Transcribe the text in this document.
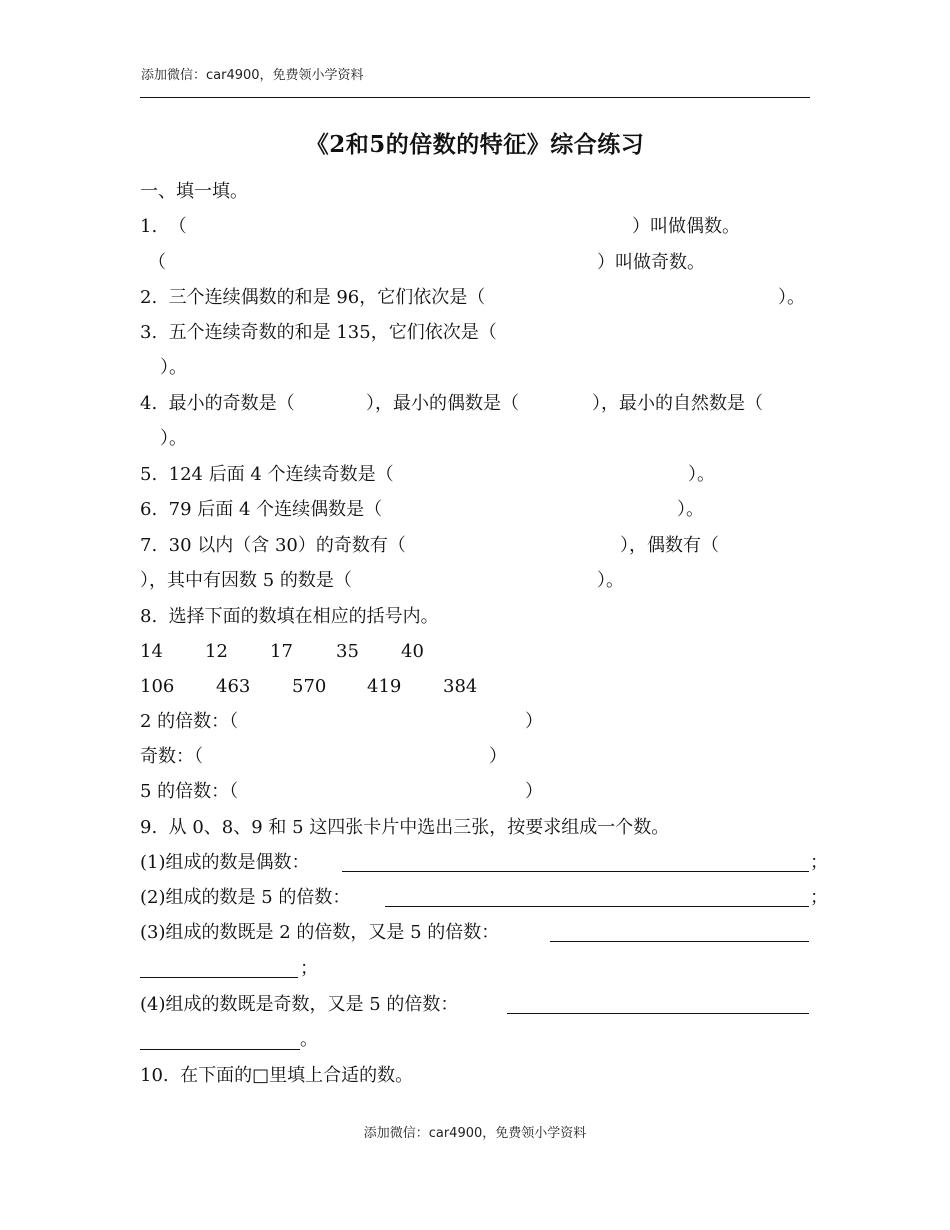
添加微信：car4900，免费领小学资料
《2和5的倍数的特征》综合练习
一、填一填。
1.  （	）叫做偶数。
（	）叫做奇数。
2.  三个连续偶数的和是 96，它们依次是（	）。
3.  五个连续奇数的和是 135，它们依次是（
）。
4.  最小的奇数是（	），最小的偶数是（	），最小的自然数是（
）。
5.  124 后面 4 个连续奇数是（	）。
6.  79 后面 4 个连续偶数是（	）。
7.  30 以内（含 30）的奇数有（	），偶数有（
），其中有因数 5 的数是（	）。
8.  选择下面的数填在相应的括号内。
14 12 17 35 40
106 463 570 419 384
2 的倍数：（	）
奇数：（	）
5 的倍数：（	）
9.  从 0、8、9 和 5 这四张卡片中选出三张，按要求组成一个数。
(1)组成的数是偶数：	；
(2)组成的数是 5 的倍数：	；
(3)组成的数既是 2 的倍数，又是 5 的倍数：
；
(4)组成的数既是奇数，又是 5 的倍数：
。
10.  在下面的□里填上合适的数。
添加微信：car4900，免费领小学资料
